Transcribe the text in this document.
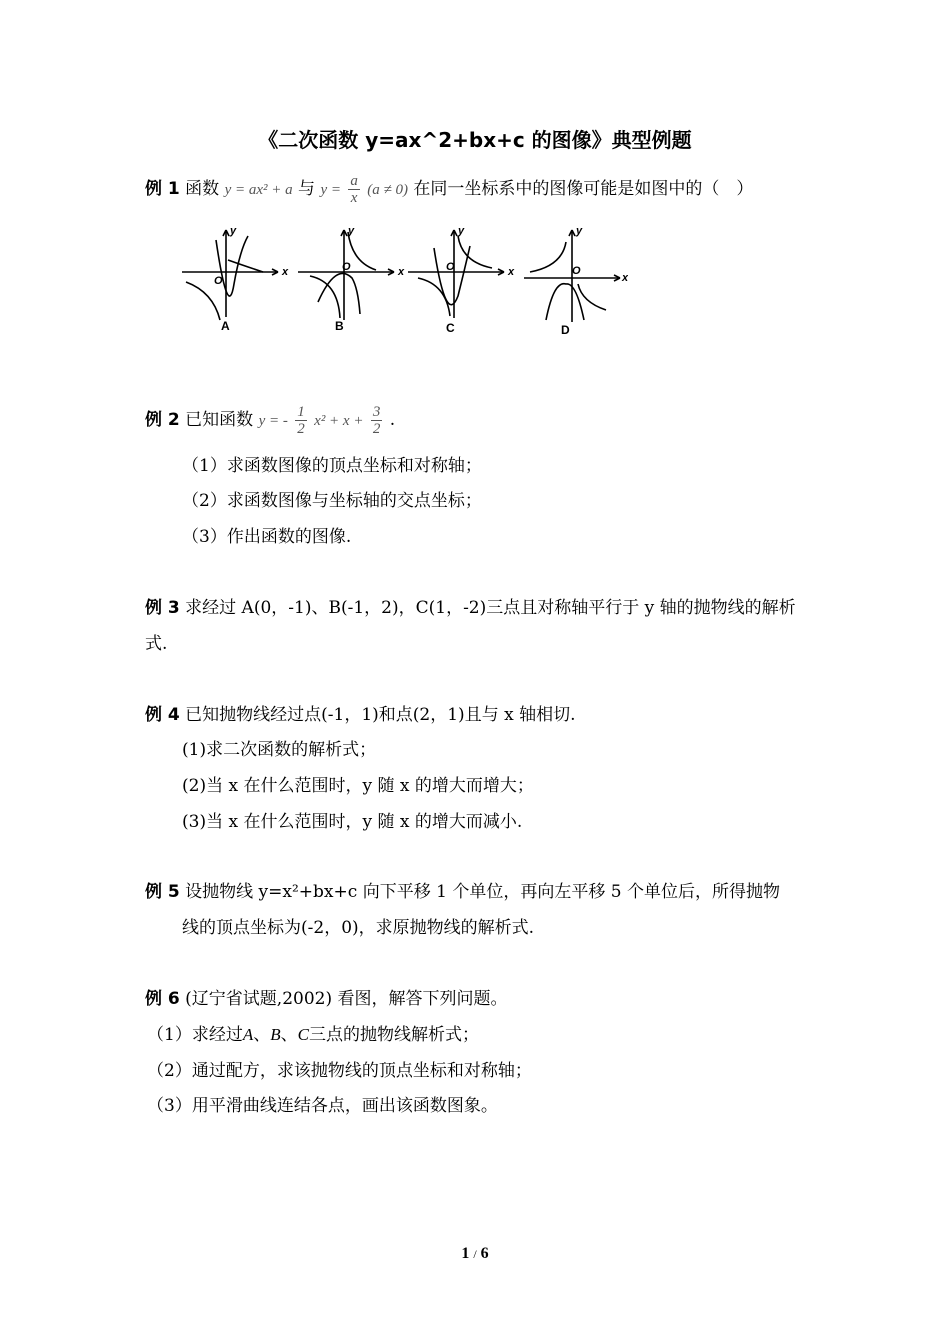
《二次函数 y=ax^2+bx+c 的图像》典型例题
例 1 函数 y = ax² + a 与 $y = \frac{a}{x} (a \ne 0)$ 在同一坐标系中的图像可能是如图中的（　）
y
x
O
y
x
O
y
x
O
y
x
O
A	B	C	D
例 2 已知函数 y = - $\frac{1}{2} x^2 + x + \frac{3}{2}$ .
（1）求函数图像的顶点坐标和对称轴；
（2）求函数图像与坐标轴的交点坐标；
（3）作出函数的图像.
例 3 求经过 A(0，-1)、B(-1，2)，C(1，-2)三点且对称轴平行于 y 轴的抛物线的解析
式.
例 4 已知抛物线经过点(-1，1)和点(2，1)且与 x 轴相切.
(1)求二次函数的解析式；
(2)当 x 在什么范围时，y 随 x 的增大而增大；
(3)当 x 在什么范围时，y 随 x 的增大而减小.
例 5 设抛物线 y=x²+bx+c 向下平移 1 个单位，再向左平移 5 个单位后，所得抛物
线的顶点坐标为(-2，0)，求原抛物线的解析式.
例 6 (辽宁省试题,2002) 看图，解答下列问题。
（1）求经过A、B、C三点的抛物线解析式；
（2）通过配方，求该抛物线的顶点坐标和对称轴；
（3）用平滑曲线连结各点，画出该函数图象。
1 / 6
